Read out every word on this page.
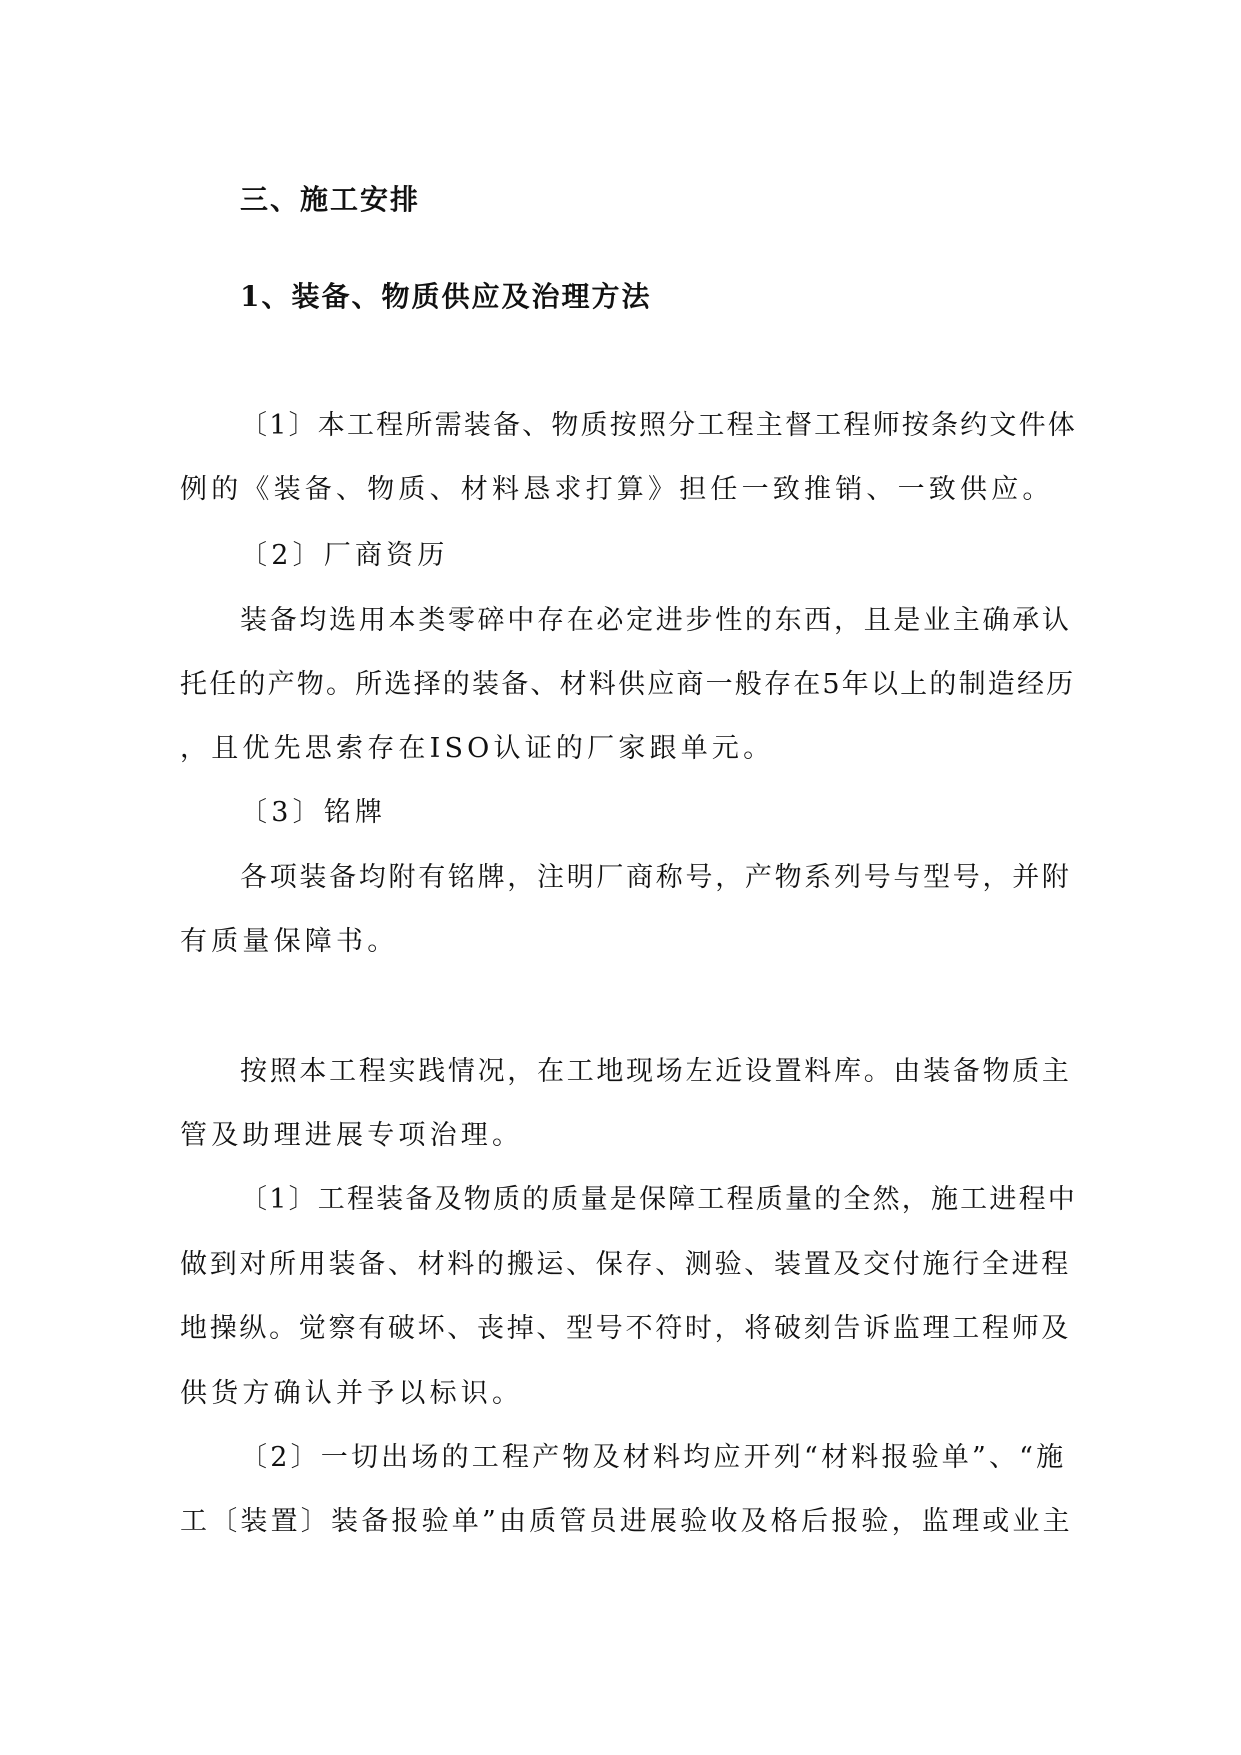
三、施工安排
1、装备、物质供应及治理方法
〔1〕本工程所需装备、物质按照分工程主督工程师按条约文件体
例的《装备、物质、材料恳求打算》担任一致推销、一致供应。
〔2〕厂商资历
装备均选用本类零碎中存在必定进步性的东西，且是业主确承认
托任的产物。所选择的装备、材料供应商一般存在5年以上的制造经历
，且优先思索存在ISO认证的厂家跟单元。
〔3〕铭牌
各项装备均附有铭牌，注明厂商称号，产物系列号与型号，并附
有质量保障书。
按照本工程实践情况，在工地现场左近设置料库。由装备物质主
管及助理进展专项治理。
〔1〕工程装备及物质的质量是保障工程质量的全然，施工进程中
做到对所用装备、材料的搬运、保存、测验、装置及交付施行全进程
地操纵。觉察有破坏、丧掉、型号不符时，将破刻告诉监理工程师及
供货方确认并予以标识。
〔2〕一切出场的工程产物及材料均应开列“材料报验单”、“施
工〔装置〕装备报验单”由质管员进展验收及格后报验，监理或业主
